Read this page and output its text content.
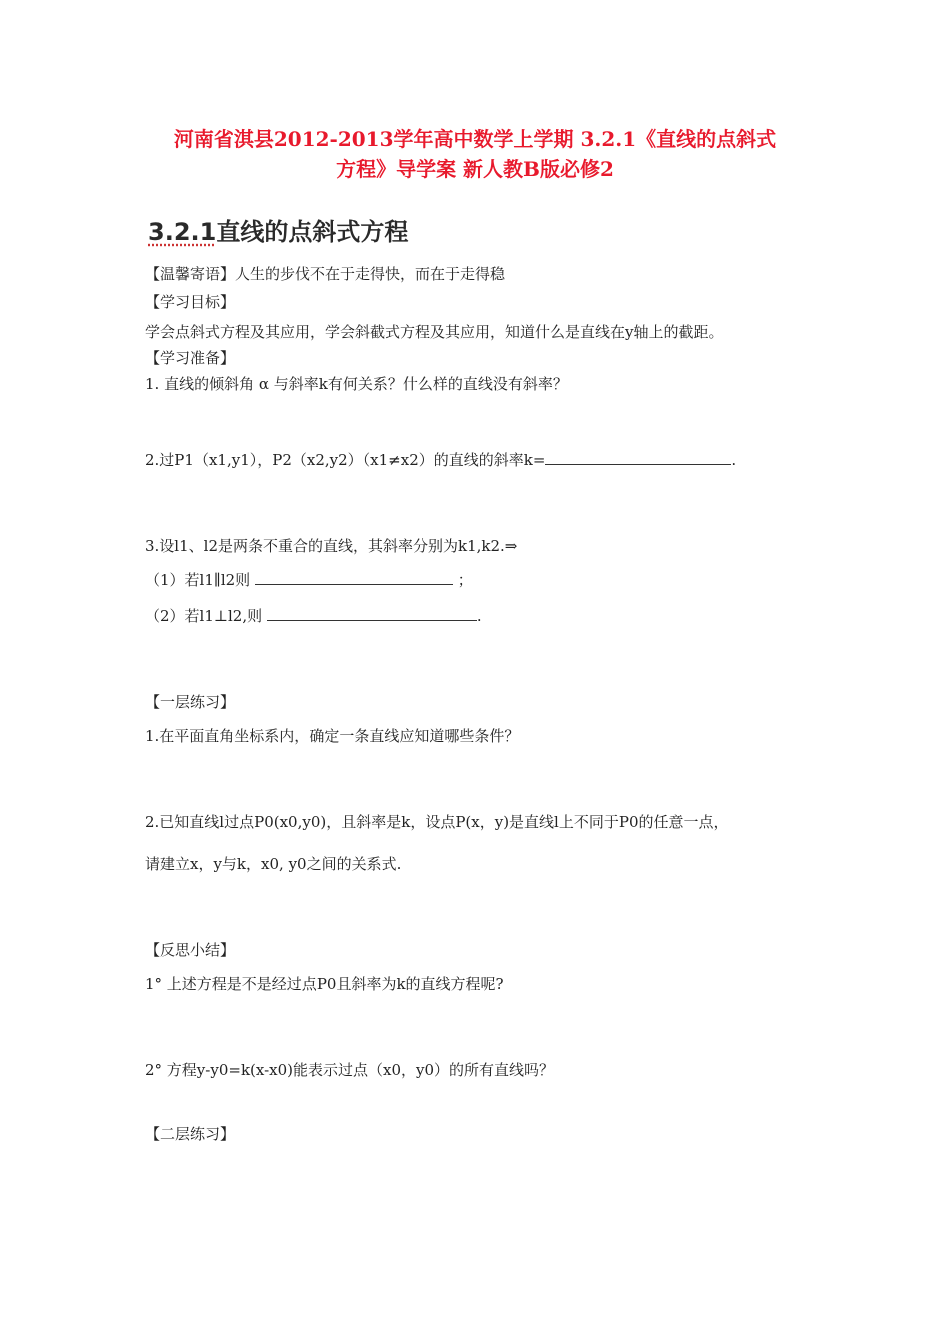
河南省淇县2012-2013学年高中数学上学期 3.2.1《直线的点斜式
方程》导学案 新人教B版必修2
3.2.1直线的点斜式方程
【温馨寄语】人生的步伐不在于走得快，而在于走得稳
【学习目标】
学会点斜式方程及其应用，学会斜截式方程及其应用，知道什么是直线在y轴上的截距。
【学习准备】
1. 直线的倾斜角 α 与斜率k有何关系？什么样的直线没有斜率？
2.过P1（x1,y1），P2（x2,y2）（x1≠x2）的直线的斜率k=	.
3.设l1、l2是两条不重合的直线，其斜率分别为k1,k2.⇒
（1）若l1∥l2则	；
（2）若l1⊥l2,则	.
【一层练习】
1.在平面直角坐标系内，确定一条直线应知道哪些条件？
2.已知直线l过点P0(x0,y0)，且斜率是k，设点P(x，y)是直线l上不同于P0的任意一点，
请建立x，y与k，x0, y0之间的关系式.
【反思小结】
1° 上述方程是不是经过点P0且斜率为k的直线方程呢?
2° 方程y-y0=k(x-x0)能表示过点（x0，y0）的所有直线吗？
【二层练习】
